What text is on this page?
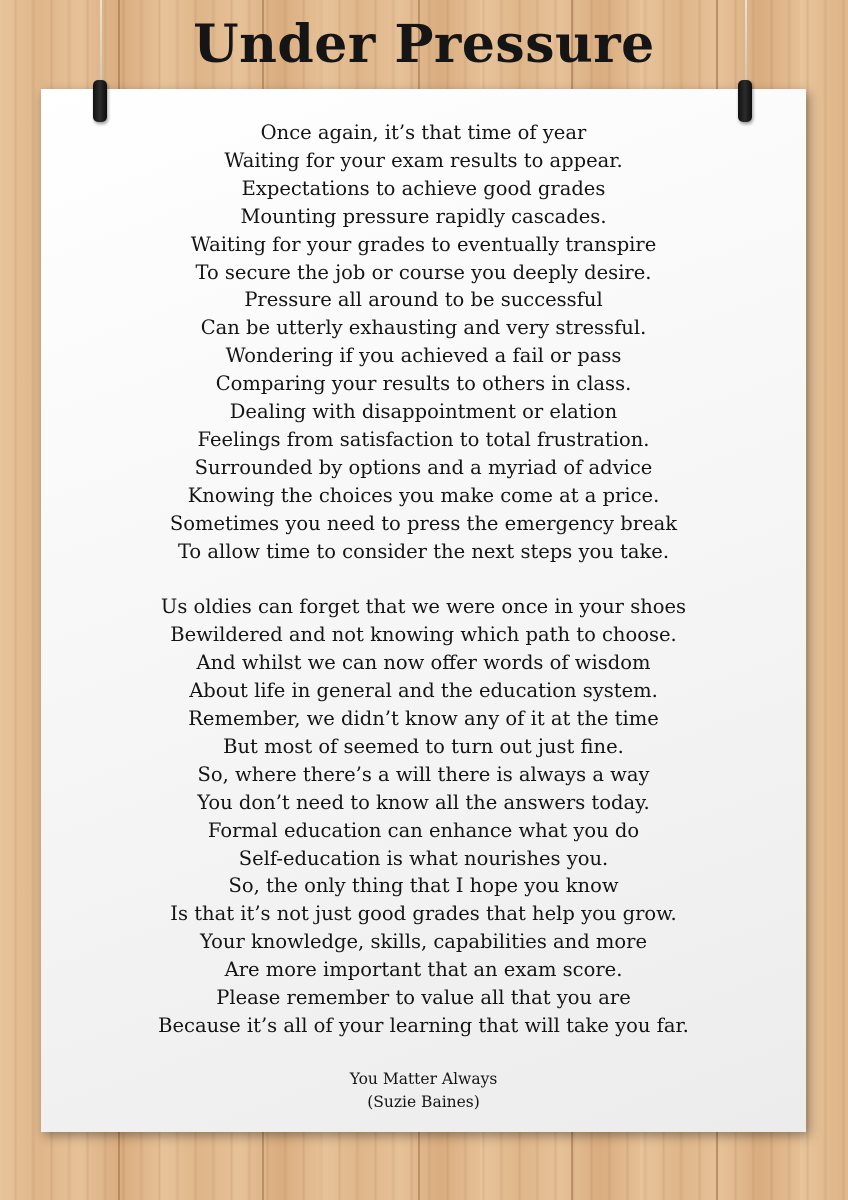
Under Pressure
Once again, it’s that time of year
Waiting for your exam results to appear.
Expectations to achieve good grades
Mounting pressure rapidly cascades.
Waiting for your grades to eventually transpire
To secure the job or course you deeply desire.
Pressure all around to be successful
Can be utterly exhausting and very stressful.
Wondering if you achieved a fail or pass
Comparing your results to others in class.
Dealing with disappointment or elation
Feelings from satisfaction to total frustration.
Surrounded by options and a myriad of advice
Knowing the choices you make come at a price.
Sometimes you need to press the emergency break
To allow time to consider the next steps you take.
Us oldies can forget that we were once in your shoes
Bewildered and not knowing which path to choose.
And whilst we can now offer words of wisdom
About life in general and the education system.
Remember, we didn’t know any of it at the time
But most of seemed to turn out just fine.
So, where there’s a will there is always a way
You don’t need to know all the answers today.
Formal education can enhance what you do
Self-education is what nourishes you.
So, the only thing that I hope you know
Is that it’s not just good grades that help you grow.
Your knowledge, skills, capabilities and more
Are more important that an exam score.
Please remember to value all that you are
Because it’s all of your learning that will take you far.
You Matter Always
(Suzie Baines)
